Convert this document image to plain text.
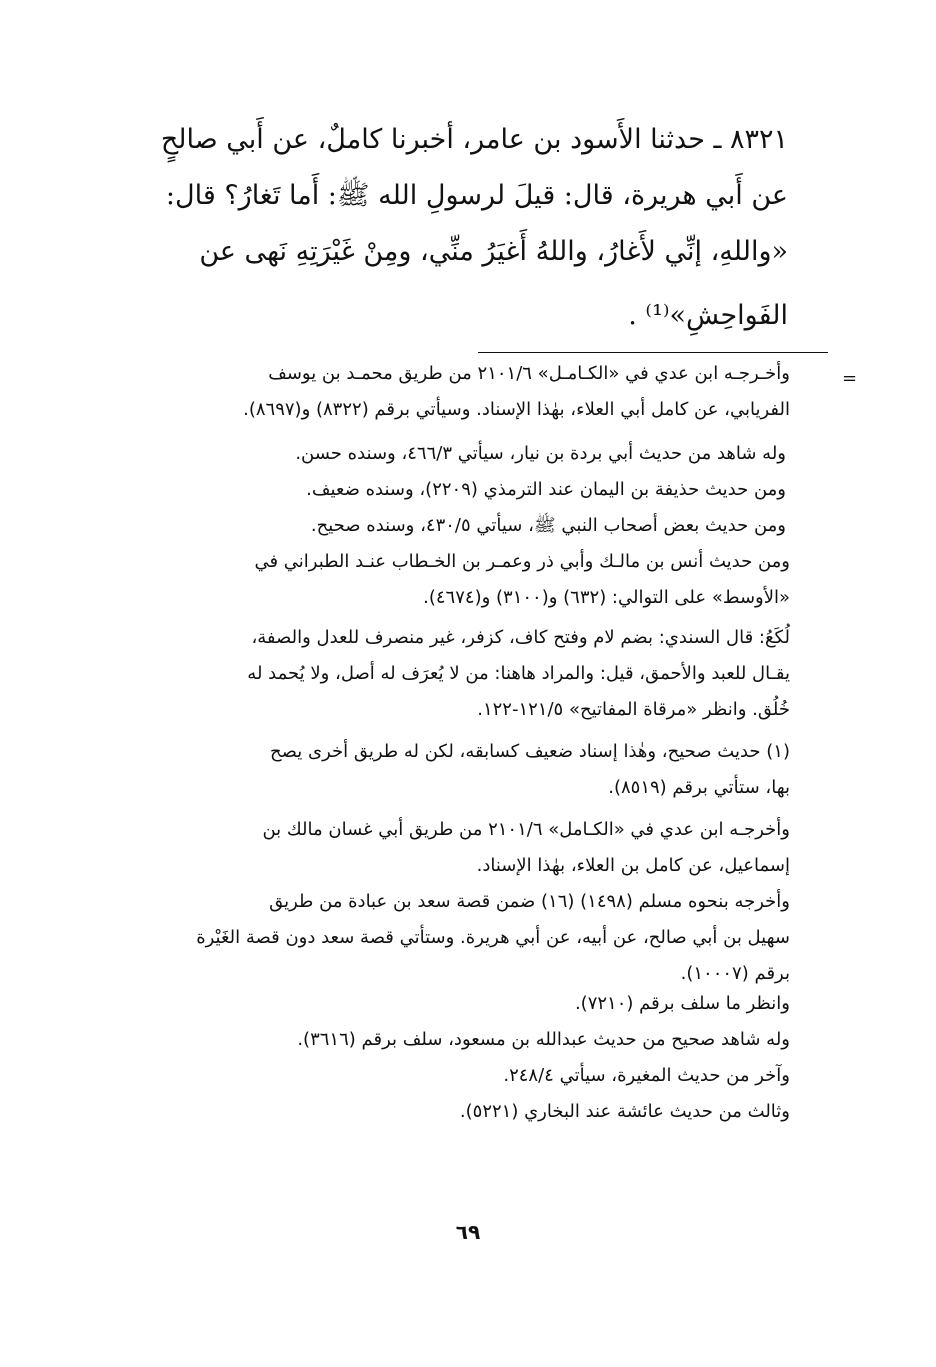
٨٣٢١ ـ حدثنا الأَسود بن عامر، أخبرنا كاملٌ، عن أَبي صالحٍ

عن أَبي هريرة، قال: قيلَ لرسولِ الله ﷺ: أَما تَغارُ؟ قال:

«واللهِ، إنِّي لأَغارُ، واللهُ أَغيَرُ منِّي، ومِنْ غَيْرَتِهِ نَهى عن

الفَواحِشِ»⁽¹⁾ .

=

وأخـرجـه ابن عدي في «الكـامـل» ٢١٠١/٦ من طريق محمـد بن يوسف

الفريابي، عن كامل أبي العلاء، بهٰذا الإسناد. وسيأتي برقم (٨٣٢٢) و(٨٦٩٧).

وله شاهد من حديث أبي بردة بن نيار، سيأتي ٤٦٦/٣، وسنده حسن.

ومن حديث حذيفة بن اليمان عند الترمذي (٢٢٠٩)، وسنده ضعيف.

ومن حديث بعض أصحاب النبي ﷺ، سيأتي ٤٣٠/٥، وسنده صحيح.

ومن حديث أنس بن مالـك وأبي ذر وعمـر بن الخـطاب عنـد الطبراني في

«الأوسط» على التوالي: (٦٣٢) و(٣١٠٠) و(٤٦٧٤).

لُكَعُ: قال السندي: بضم لام وفتح كاف، كزفر، غير منصرف للعدل والصفة،

يقـال للعبد والأحمق، قيل: والمراد هاهنا: من لا يُعرَف له أصل، ولا يُحمد له

خُلُق. وانظر «مرقاة المفاتيح» ١٢١/٥-١٢٢.

(١) حديث صحيح، وهٰذا إسناد ضعيف كسابقه، لكن له طريق أخرى يصح

بها، ستأتي برقم (٨٥١٩).

وأخرجـه ابن عدي في «الكـامل» ٢١٠١/٦ من طريق أبي غسان مالك بن

إسماعيل، عن كامل بن العلاء، بهٰذا الإسناد.

وأخرجه بنحوه مسلم (١٤٩٨) (١٦) ضمن قصة سعد بن عبادة من طريق

سهيل بن أبي صالح، عن أبيه، عن أبي هريرة. وستأتي قصة سعد دون قصة الغَيْرة

برقم (١٠٠٠٧).

وانظر ما سلف برقم (٧٢١٠).

وله شاهد صحيح من حديث عبدالله بن مسعود، سلف برقم (٣٦١٦).

وآخر من حديث المغيرة، سيأتي ٢٤٨/٤.

وثالث من حديث عائشة عند البخاري (٥٢٢١).

٦٩
